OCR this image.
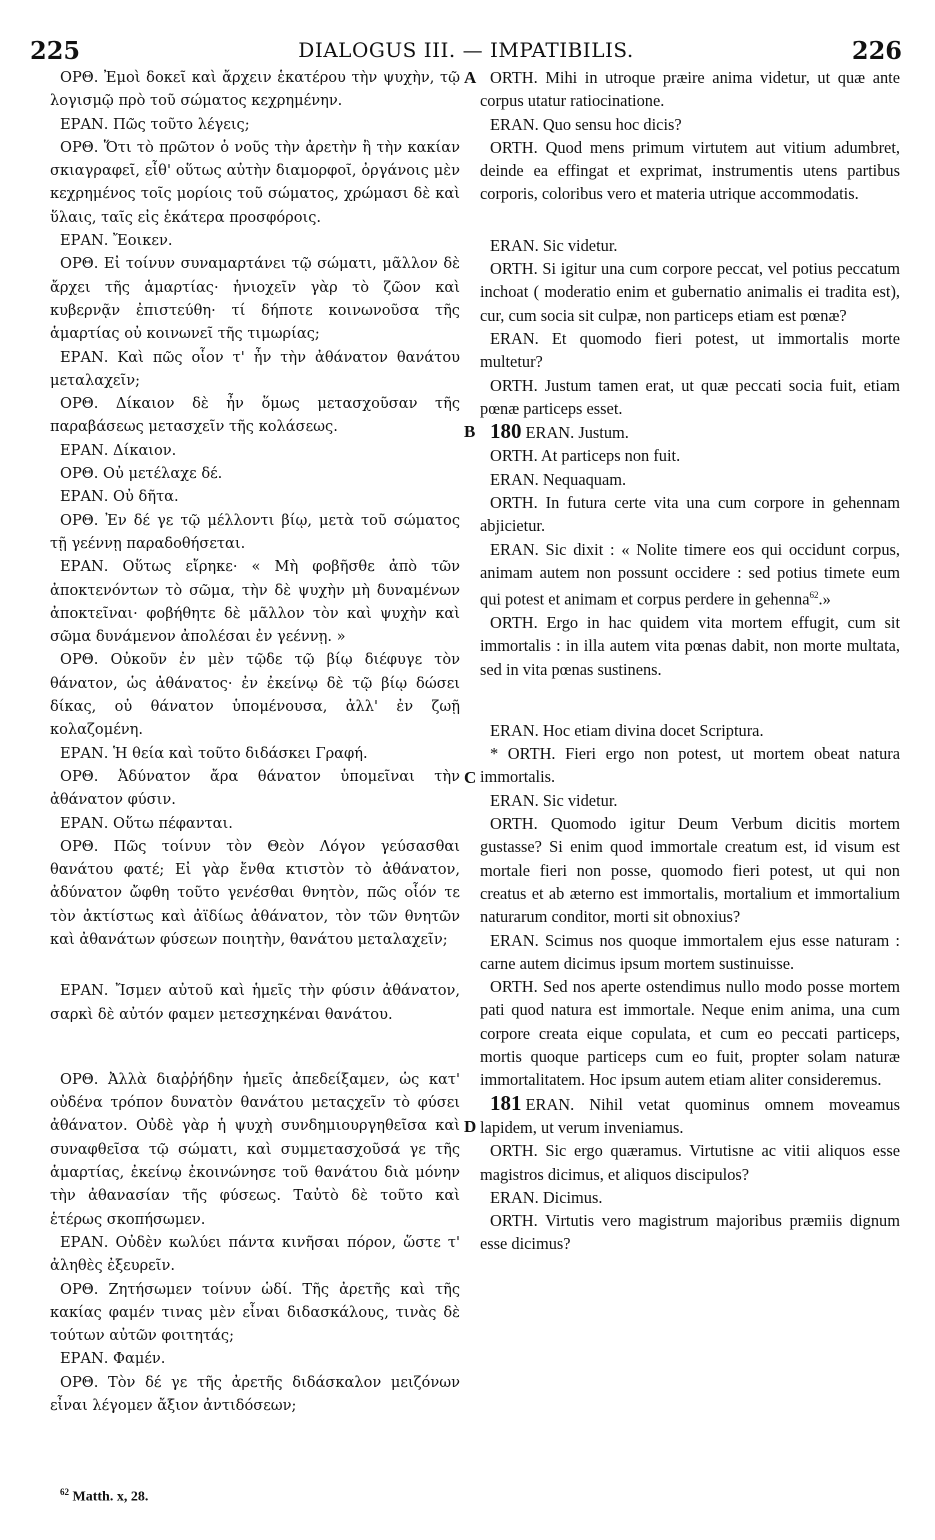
225	DIALOGUS III. — IMPATIBILIS.	226
A
B
C
D

ΟΡΘ. Ἐμοὶ δοκεῖ καὶ ἄρχειν ἑκατέρου τὴν ψυχὴν, τῷ λογισμῷ πρὸ τοῦ σώματος κεχρημένην.

ΕΡΑΝ. Πῶς τοῦτο λέγεις;

ΟΡΘ. Ὅτι τὸ πρῶτον ὁ νοῦς τὴν ἀρετὴν ἢ τὴν κακίαν σκιαγραφεῖ, εἶθ' οὕτως αὐτὴν διαμορφοῖ, ὀργάνοις μὲν κεχρημένος τοῖς μορίοις τοῦ σώματος, χρώμασι δὲ καὶ ὕλαις, ταῖς εἰς ἑκάτερα προσφόροις.

ΕΡΑΝ. Ἔοικεν.

ΟΡΘ. Εἰ τοίνυν συναμαρτάνει τῷ σώματι, μᾶλλον δὲ ἄρχει τῆς ἁμαρτίας· ἡνιοχεῖν γὰρ τὸ ζῶον καὶ κυβερνᾷν ἐπιστεύθη· τί δήποτε κοινωνοῦσα τῆς ἁμαρτίας οὐ κοινωνεῖ τῆς τιμωρίας;

ΕΡΑΝ. Καὶ πῶς οἷον τ' ἦν τὴν ἀθάνατον θανάτου μεταλαχεῖν;

ΟΡΘ. Δίκαιον δὲ ἦν ὅμως μετασχοῦσαν τῆς παραβάσεως μετασχεῖν τῆς κολάσεως.

ΕΡΑΝ. Δίκαιον.

ΟΡΘ. Οὐ μετέλαχε δέ.

ΕΡΑΝ. Οὐ δῆτα.

ΟΡΘ. Ἐν δέ γε τῷ μέλλοντι βίῳ, μετὰ τοῦ σώματος τῇ γεέννῃ παραδοθήσεται.

ΕΡΑΝ. Οὕτως εἴρηκε· « Μὴ φοβῆσθε ἀπὸ τῶν ἀποκτενόντων τὸ σῶμα, τὴν δὲ ψυχὴν μὴ δυναμένων ἀποκτεῖναι· φοβήθητε δὲ μᾶλλον τὸν καὶ ψυχὴν καὶ σῶμα δυνάμενον ἀπολέσαι ἐν γεέννῃ. »

ΟΡΘ. Οὐκοῦν ἐν μὲν τῷδε τῷ βίῳ διέφυγε τὸν θάνατον, ὡς ἀθάνατος· ἐν ἐκείνῳ δὲ τῷ βίῳ δώσει δίκας, οὐ θάνατον ὑπομένουσα, ἀλλ' ἐν ζωῇ κολαζομένη.

ΕΡΑΝ. Ἡ θεία καὶ τοῦτο διδάσκει Γραφή.

ΟΡΘ. Ἀδύνατον ἄρα θάνατον ὑπομεῖναι τὴν ἀθάνατον φύσιν.

ΕΡΑΝ. Οὕτω πέφανται.

ΟΡΘ. Πῶς τοίνυν τὸν Θεὸν Λόγον γεύσασθαι θανάτου φατέ; Εἰ γὰρ ἔνθα κτιστὸν τὸ ἀθάνατον, ἀδύνατον ὤφθη τοῦτο γενέσθαι θνητὸν, πῶς οἷόν τε τὸν ἀκτίστως καὶ ἀϊδίως ἀθάνατον, τὸν τῶν θνητῶν καὶ ἀθανάτων φύσεων ποιητὴν, θανάτου μεταλαχεῖν;

ΕΡΑΝ. Ἴσμεν αὐτοῦ καὶ ἡμεῖς τὴν φύσιν ἀθάνατον, σαρκὶ δὲ αὐτόν φαμεν μετεσχηκέναι θανάτου.

ΟΡΘ. Ἀλλὰ διαῤῥήδην ἡμεῖς ἀπεδείξαμεν, ὡς κατ' οὐδένα τρόπον δυνατὸν θανάτου μεταςχεῖν τὸ φύσει ἀθάνατον. Οὐδὲ γὰρ ἡ ψυχὴ συνδημιουργηθεῖσα καὶ συναφθεῖσα τῷ σώματι, καὶ συμμετασχοῦσά γε τῆς ἁμαρτίας, ἐκείνῳ ἐκοινώνησε τοῦ θανάτου διὰ μόνην τὴν ἀθανασίαν τῆς φύσεως. Ταὐτὸ δὲ τοῦτο καὶ ἑτέρως σκοπήσωμεν.

ΕΡΑΝ. Οὐδὲν κωλύει πάντα κινῆσαι πόρον, ὥστε τ' ἀληθὲς ἐξευρεῖν.

ΟΡΘ. Ζητήσωμεν τοίνυν ὡδί. Τῆς ἀρετῆς καὶ τῆς κακίας φαμέν τινας μὲν εἶναι διδασκάλους, τινὰς δὲ τούτων αὐτῶν φοιτητάς;

ΕΡΑΝ. Φαμέν.

ΟΡΘ. Τὸν δέ γε τῆς ἀρετῆς διδάσκαλον μειζόνων εἶναι λέγομεν ἄξιον ἀντιδόσεων;

ORTH. Mihi in utroque præire anima videtur, ut quæ ante corpus utatur ratiocinatione.

ERAN. Quo sensu hoc dicis?

ORTH. Quod mens primum virtutem aut vitium adumbret, deinde ea effingat et exprimat, instrumentis utens partibus corporis, coloribus vero et materia utrique accommodatis.

ERAN. Sic videtur.

ORTH. Si igitur una cum corpore peccat, vel potius peccatum inchoat ( moderatio enim et gubernatio animalis ei tradita est), cur, cum socia sit culpæ, non particeps etiam est pœnæ?

ERAN. Et quomodo fieri potest, ut immortalis morte multetur?

ORTH. Justum tamen erat, ut quæ peccati socia fuit, etiam pœnæ particeps esset.

180 ERAN. Justum.

ORTH. At particeps non fuit.

ERAN. Nequaquam.

ORTH. In futura certe vita una cum corpore in gehennam abjicietur.

ERAN. Sic dixit : « Nolite timere eos qui occidunt corpus, animam autem non possunt occidere : sed potius timete eum qui potest et animam et corpus perdere in gehenna$^{62}$.»

ORTH. Ergo in hac quidem vita mortem effugit, cum sit immortalis : in illa autem vita pœnas dabit, non morte multata, sed in vita pœnas sustinens.

ERAN. Hoc etiam divina docet Scriptura.

* ORTH. Fieri ergo non potest, ut mortem obeat natura immortalis.

ERAN. Sic videtur.

ORTH. Quomodo igitur Deum Verbum dicitis mortem gustasse? Si enim quod immortale creatum est, id visum est mortale fieri non posse, quomodo fieri potest, ut qui non creatus et ab æterno est immortalis, mortalium et immortalium naturarum conditor, morti sit obnoxius?

ERAN. Scimus nos quoque immortalem ejus esse naturam : carne autem dicimus ipsum mortem sustinuisse.

ORTH. Sed nos aperte ostendimus nullo modo posse mortem pati quod natura est immortale. Neque enim anima, una cum corpore creata eique copulata, et cum eo peccati particeps, mortis quoque particeps cum eo fuit, propter solam naturæ immortalitatem. Hoc ipsum autem etiam aliter consideremus.

181 ERAN. Nihil vetat quominus omnem moveamus lapidem, ut verum inveniamus.

ORTH. Sic ergo quæramus. Virtutisne ac vitii aliquos esse magistros dicimus, et aliquos discipulos?

ERAN. Dicimus.

ORTH. Virtutis vero magistrum majoribus præmiis dignum esse dicimus?

$^{62}$ Matth. x, 28.
